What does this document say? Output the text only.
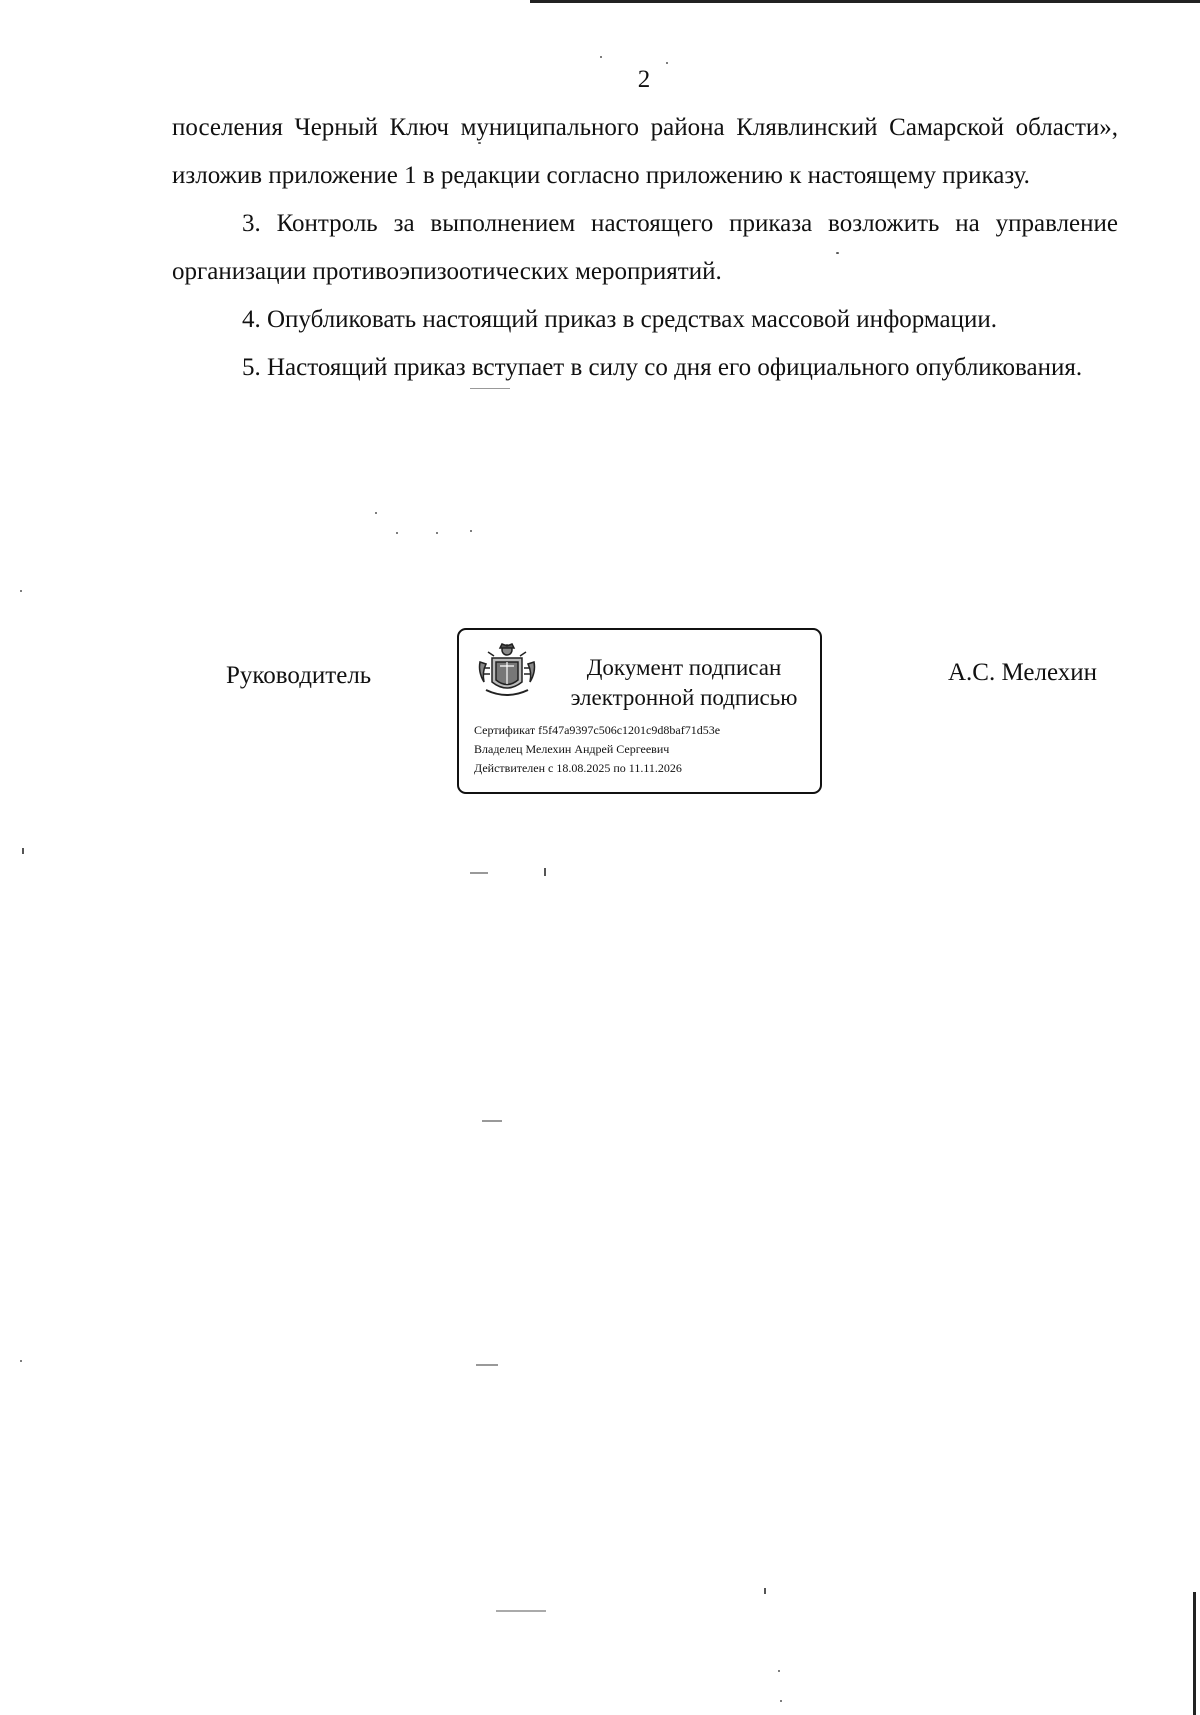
2

поселения Черный Ключ муниципального района Клявлинский Самарской области», изложив приложение 1 в редакции согласно приложению к настоящему приказу.

3. Контроль за выполнением настоящего приказа возложить на управление организации противоэпизоотических мероприятий.

4. Опубликовать настоящий приказ в средствах массовой информации.

5. Настоящий приказ вступает в силу со дня его официального опубликования.

Руководитель	Документ подписан
электронной подписью
Сертификат f5f47a9397c506c1201c9d8baf71d53e
Владелец Мелехин Андрей Сергеевич
Действителен с 18.08.2025 по 11.11.2026
А.С. Мелехин
